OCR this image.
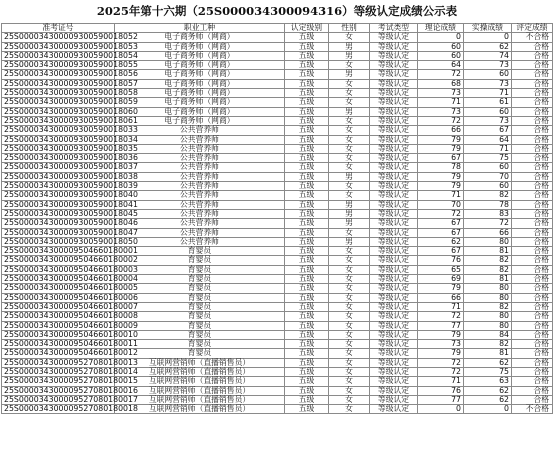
2025年第十六期（25S000034300094316）等级认定成绩公示表
准考证号	职业工种	认定级别	性别	考试类型	理论成绩	实操成绩	评定成绩
25S000034300009300590018052	电子商务师（网商）	五级	女	等级认定	0	0	不合格
25S000034300009300590018053	电子商务师（网商）	五级	男	等级认定	60	62	合格
25S000034300009300590018054	电子商务师（网商）	五级	男	等级认定	60	74	合格
25S000034300009300590018055	电子商务师（网商）	五级	女	等级认定	64	73	合格
25S000034300009300590018056	电子商务师（网商）	五级	男	等级认定	72	60	合格
25S000034300009300590018057	电子商务师（网商）	五级	女	等级认定	68	73	合格
25S000034300009300590018058	电子商务师（网商）	五级	女	等级认定	73	71	合格
25S000034300009300590018059	电子商务师（网商）	五级	女	等级认定	71	61	合格
25S000034300009300590018060	电子商务师（网商）	五级	男	等级认定	73	60	合格
25S000034300009300590018061	电子商务师（网商）	五级	女	等级认定	72	73	合格
25S000034300009300590018033	公共营养师	五级	女	等级认定	66	67	合格
25S000034300009300590018034	公共营养师	五级	女	等级认定	79	64	合格
25S000034300009300590018035	公共营养师	五级	女	等级认定	79	71	合格
25S000034300009300590018036	公共营养师	五级	女	等级认定	67	75	合格
25S000034300009300590018037	公共营养师	五级	女	等级认定	78	60	合格
25S000034300009300590018038	公共营养师	五级	男	等级认定	79	70	合格
25S000034300009300590018039	公共营养师	五级	女	等级认定	79	60	合格
25S000034300009300590018040	公共营养师	五级	女	等级认定	71	82	合格
25S000034300009300590018041	公共营养师	五级	男	等级认定	70	78	合格
25S000034300009300590018045	公共营养师	五级	男	等级认定	72	83	合格
25S000034300009300590018046	公共营养师	五级	男	等级认定	67	72	合格
25S000034300009300590018047	公共营养师	五级	女	等级认定	67	66	合格
25S000034300009300590018050	公共营养师	五级	男	等级认定	62	80	合格
25S000034300009504660180001	育婴员	五级	女	等级认定	67	81	合格
25S000034300009504660180002	育婴员	五级	女	等级认定	76	82	合格
25S000034300009504660180003	育婴员	五级	女	等级认定	65	82	合格
25S000034300009504660180004	育婴员	五级	女	等级认定	69	81	合格
25S000034300009504660180005	育婴员	五级	女	等级认定	79	80	合格
25S000034300009504660180006	育婴员	五级	女	等级认定	66	80	合格
25S000034300009504660180007	育婴员	五级	女	等级认定	71	82	合格
25S000034300009504660180008	育婴员	五级	女	等级认定	72	80	合格
25S000034300009504660180009	育婴员	五级	女	等级认定	77	80	合格
25S000034300009504660180010	育婴员	五级	女	等级认定	79	84	合格
25S000034300009504660180011	育婴员	五级	女	等级认定	73	82	合格
25S000034300009504660180012	育婴员	五级	女	等级认定	79	81	合格
25S000034300009527080180013	互联网营销师（直播销售员）	五级	女	等级认定	72	62	合格
25S000034300009527080180014	互联网营销师（直播销售员）	五级	女	等级认定	72	75	合格
25S000034300009527080180015	互联网营销师（直播销售员）	五级	女	等级认定	71	63	合格
25S000034300009527080180016	互联网营销师（直播销售员）	五级	女	等级认定	76	62	合格
25S000034300009527080180017	互联网营销师（直播销售员）	五级	女	等级认定	77	62	合格
25S000034300009527080180018	互联网营销师（直播销售员）	五级	女	等级认定	0	0	不合格
